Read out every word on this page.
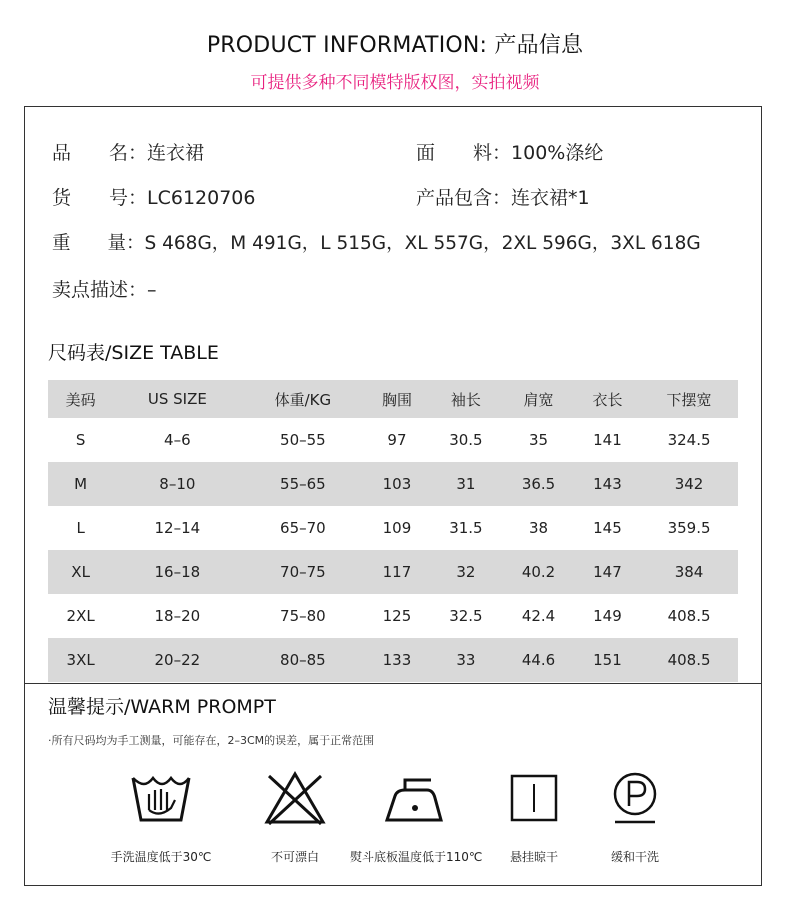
PRODUCT INFORMATION: 产品信息
可提供多种不同模特版权图，实拍视频
品　　名：连衣裙	面　　料：100%涤纶
货　　号：LC6120706	产品包含：连衣裙*1
重　　量：S 468G，M 491G，L 515G，XL 557G，2XL 596G，3XL 618G
卖点描述：–
尺码表/SIZE TABLE
美码	US SIZE	体重/KG	胸围	袖长	肩宽	衣长	下摆宽
S	4–6	50–55	97	30.5	35	141	324.5
M	8–10	55–65	103	31	36.5	143	342
L	12–14	65–70	109	31.5	38	145	359.5
XL	16–18	70–75	117	32	40.2	147	384
2XL	18–20	75–80	125	32.5	42.4	149	408.5
3XL	20–22	80–85	133	33	44.6	151	408.5
温馨提示/WARM PROMPT
·所有尺码均为手工测量，可能存在，2–3CM的误差，属于正常范围
手洗温度低于30℃	不可漂白	熨斗底板温度低于110℃	悬挂晾干	缓和干洗
